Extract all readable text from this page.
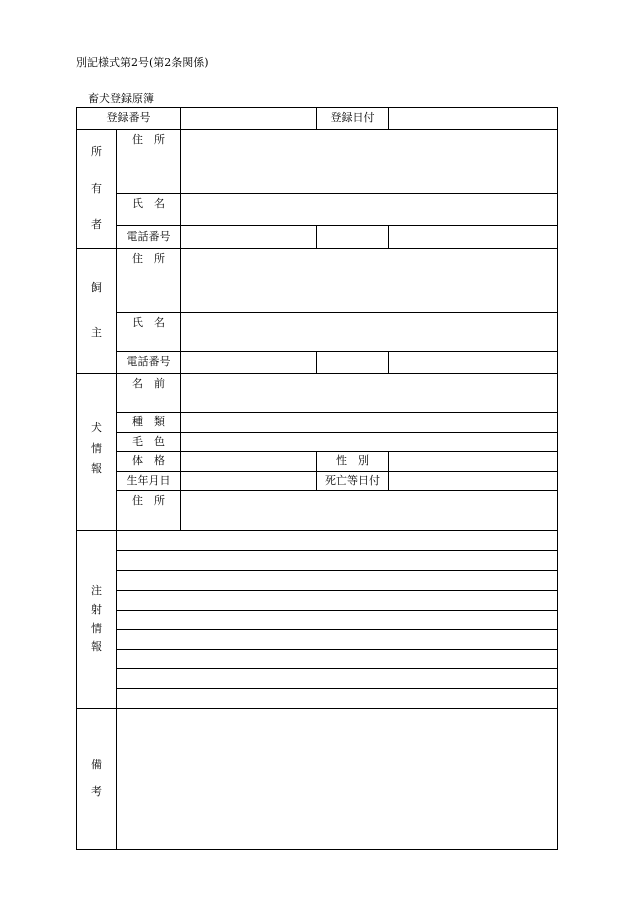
別記様式第2号(第2条関係)
畜犬登録原簿
登録番号			登録日付	

所
有
者	住　所			
	氏　名			
	電話番号			

飼
主	住　所			
	氏　名			
	電話番号			

犬
情
報	名　前			
	種　類			
	毛　色			
	体　格		性　別	
	生年月日		死亡等日付	
	住　所			

注
射
情
報				

備
考				
